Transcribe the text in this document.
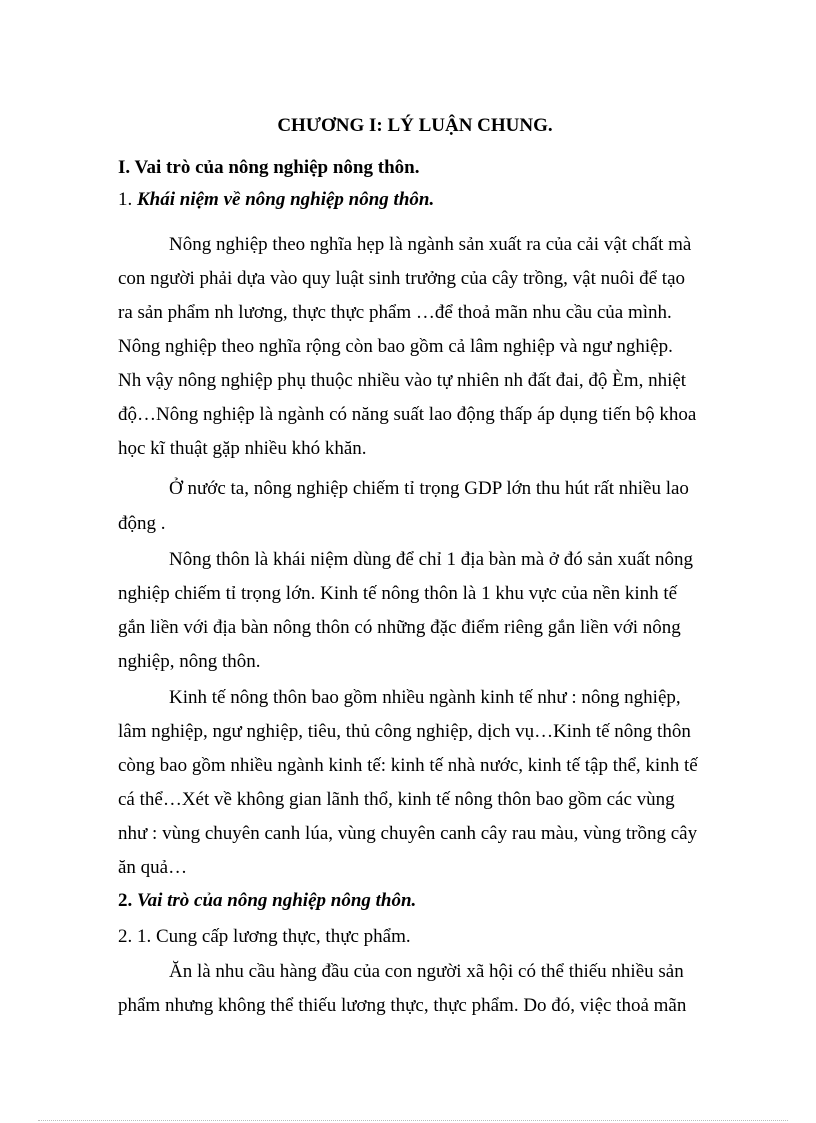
CHƯƠNG I: LÝ LUẬN CHUNG.
I. Vai trò của nông nghiệp nông thôn.
1. Khái niệm về nông nghiệp nông thôn.
Nông nghiệp theo nghĩa hẹp là ngành sản xuất ra của cải vật chất mà
con người phải dựa vào quy luật sinh trưởng của cây trồng, vật nuôi để tạo
ra sản phẩm nh lương, thực thực phẩm …để thoả mãn nhu cầu của mình.
Nông nghiệp theo nghĩa rộng còn bao gồm cả lâm nghiệp và ngư nghiệp.
Nh vậy nông nghiệp phụ thuộc nhiều vào tự nhiên nh đất đai, độ Èm, nhiệt
độ…Nông nghiệp là ngành có năng suất lao động thấp áp dụng tiến bộ khoa
học kĩ thuật gặp nhiều khó khăn.
Ở nước ta, nông nghiệp chiếm tỉ trọng GDP lớn thu hút rất nhiều lao
động .
Nông thôn là khái niệm dùng để chỉ 1 địa bàn mà ở đó sản xuất nông
nghiệp chiếm tỉ trọng lớn. Kinh tế nông thôn là 1 khu vực của nền kinh tế
gắn liền với địa bàn nông thôn có những đặc điểm riêng gắn liền với nông
nghiệp, nông thôn.
Kinh tế nông thôn bao gồm nhiều ngành kinh tế như : nông nghiệp,
lâm nghiệp, ngư nghiệp, tiêu, thủ công nghiệp, dịch vụ…Kinh tế nông thôn
còng bao gồm nhiều ngành kinh tế: kinh tế nhà nước, kinh tế tập thể, kinh tế
cá thể…Xét về không gian lãnh thổ, kinh tế nông thôn bao gồm các vùng
như : vùng chuyên canh lúa, vùng chuyên canh cây rau màu, vùng trồng cây
ăn quả…
2. Vai trò của nông nghiệp nông thôn.
2. 1. Cung cấp lương thực, thực phẩm.
Ăn là nhu cầu hàng đầu của con người xã hội có thể thiếu nhiều sản
phẩm nhưng không thể thiếu lương thực, thực phẩm. Do đó, việc thoả mãn
